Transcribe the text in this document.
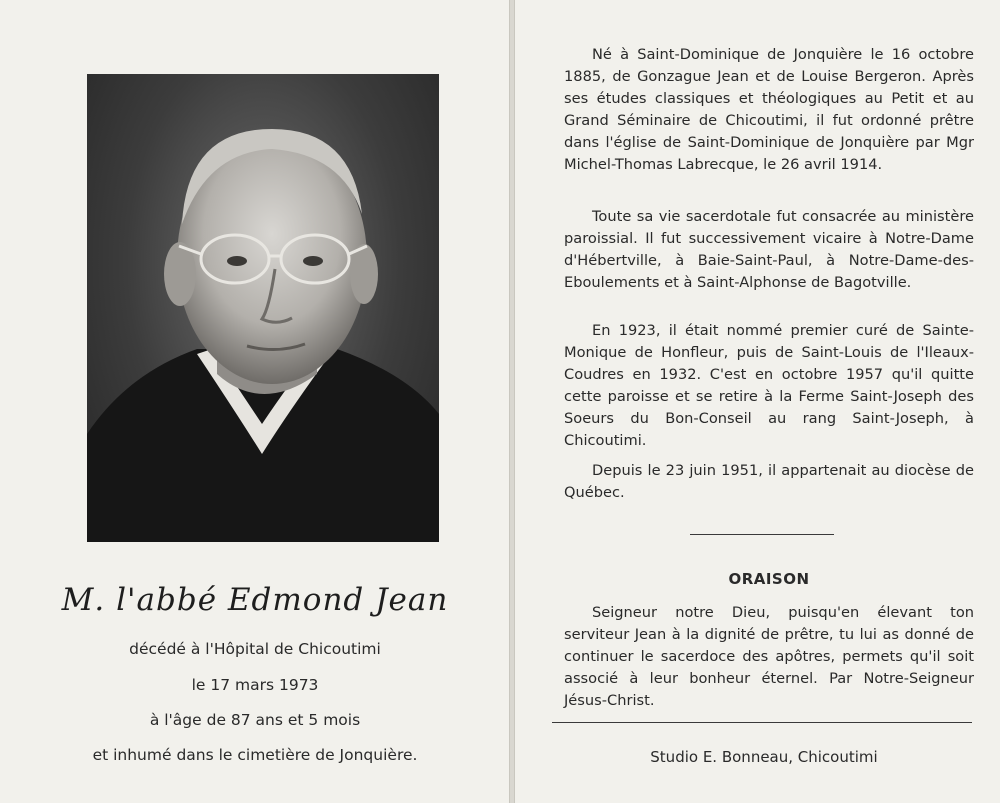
M. l'abbé Edmond Jean
décédé à l'Hôpital de Chicoutimi
le 17 mars 1973
à l'âge de 87 ans et 5 mois
et inhumé dans le cimetière de Jonquière.

Né à Saint-Dominique de Jonquière le 16 octobre 1885, de Gonzague Jean et de Louise Bergeron. Après ses études classiques et théologiques au Petit et au Grand Séminaire de Chicoutimi, il fut ordonné prêtre dans l'église de Saint-Dominique de Jonquière par Mgr Michel-Thomas Labrecque, le 26 avril 1914.

Toute sa vie sacerdotale fut consacrée au ministère paroissial. Il fut successivement vicaire à Notre-Dame d'Hébertville, à Baie-Saint-Paul, à Notre-Dame-des-Eboulements et à Saint-Alphonse de Bagotville.

En 1923, il était nommé premier curé de Sainte-Monique de Honfleur, puis de Saint-Louis de l'Ileaux-Coudres en 1932. C'est en octobre 1957 qu'il quitte cette paroisse et se retire à la Ferme Saint-Joseph des Soeurs du Bon-Conseil au rang Saint-Joseph, à Chicoutimi.

Depuis le 23 juin 1951, il appartenait au diocèse de Québec.

ORAISON

Seigneur notre Dieu, puisqu'en élevant ton serviteur Jean à la dignité de prêtre, tu lui as donné de continuer le sacerdoce des apôtres, permets qu'il soit associé à leur bonheur éternel. Par Notre-Seigneur Jésus-Christ.

Studio E. Bonneau, Chicoutimi
